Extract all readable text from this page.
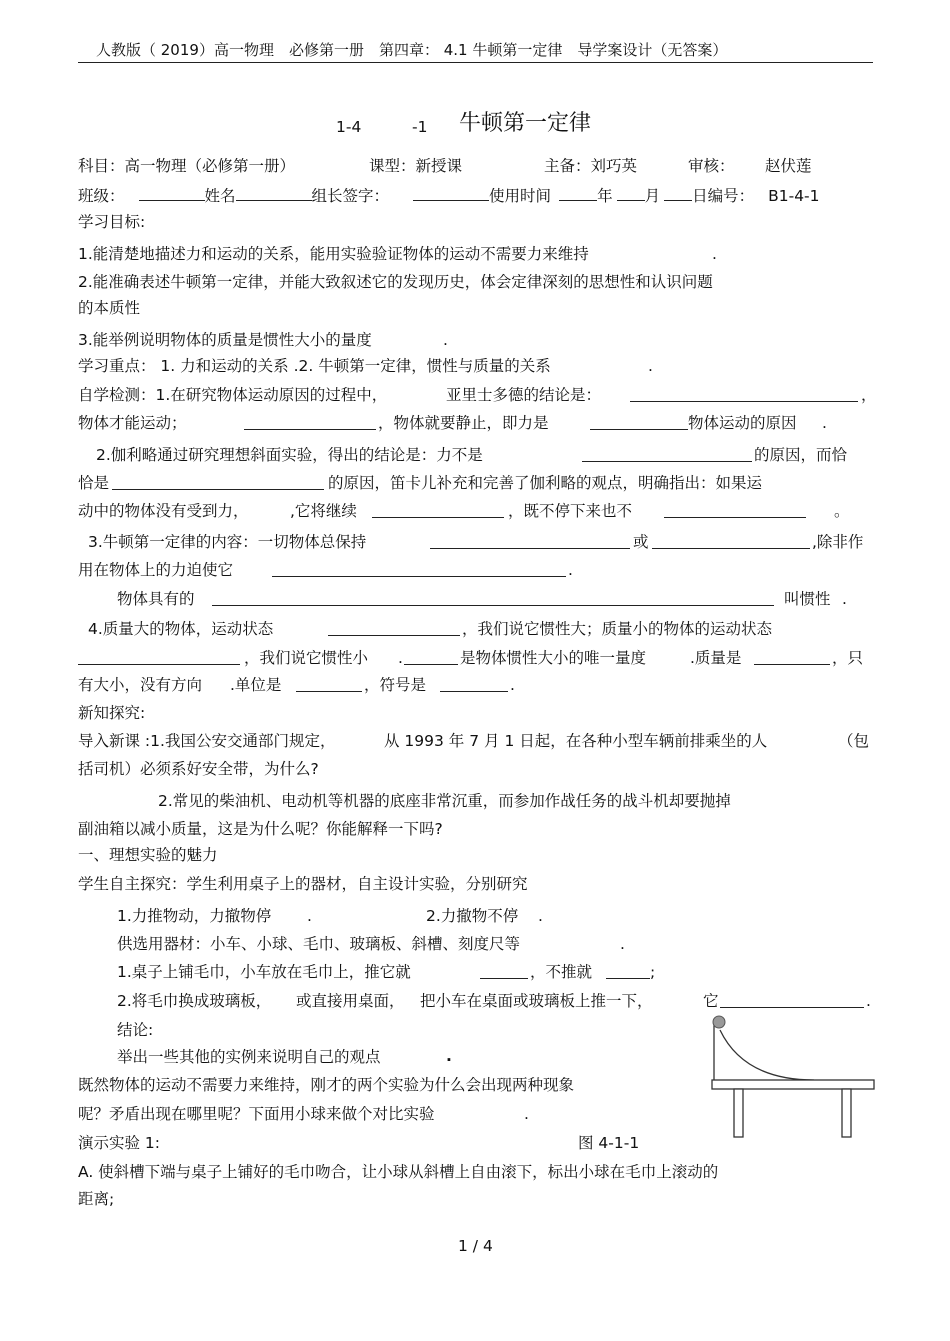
人教版（ 2019）高一物理　必修第一册　第四章： 4.1 牛顿第一定律　导学案设计（无答案）
1-4	-1 牛顿第一定律
科目：高一物理（必修第一册）	课型：新授课	主备：刘巧英	审核： 赵伏莲
班级：	姓名	组长签字：	使用时间	年 月 日编号： B1-4-1
学习目标:
1.能清楚地描述力和运动的关系，能用实验验证物体的运动不需要力来维持	.
2.能准确表述牛顿第一定律，并能大致叙述它的发现历史，体会定律深刻的思想性和认识问题
的本质性
3.能举例说明物体的质量是惯性大小的量度	.
学习重点： 1. 力和运动的关系 .2. 牛顿第一定律，惯性与质量的关系	.
自学检测：1.在研究物体运动原因的过程中，	亚里士多德的结论是：	，
物体才能运动；	，物体就要静止，即力是	物体运动的原因 .
2.伽利略通过研究理想斜面实验，得出的结论是：力不是	的原因，而恰
恰是	的原因，笛卡儿补充和完善了伽利略的观点，明确指出：如果运
动中的物体没有受到力，	,它将继续	，既不停下来也不	。
3.牛顿第一定律的内容：一切物体总保持	或	,除非作
用在物体上的力迫使它	.
物体具有的	叫惯性 .
4.质量大的物体，运动状态	，我们说它惯性大；质量小的物体的运动状态
，我们说它惯性小 .	是物体惯性大小的唯一量度	.质量是	，只
有大小，没有方向 .单位是	，符号是	.
新知探究:
导入新课 :1.我国公安交通部门规定，	从 1993 年 7 月 1 日起，在各种小型车辆前排乘坐的人	（包
括司机）必须系好安全带，为什么?
2.常见的柴油机、电动机等机器的底座非常沉重，而参加作战任务的战斗机却要抛掉
副油箱以减小质量，这是为什么呢？你能解释一下吗?
一、理想实验的魅力
学生自主探究：学生利用桌子上的器材，自主设计实验，分别研究
1.力推物动，力撤物停 .	2.力撤物不停 .
供选用器材：小车、小球、毛巾、玻璃板、斜槽、刻度尺等	.
1.桌子上铺毛巾，小车放在毛巾上，推它就	，不推就	;
2.将毛巾换成玻璃板， 或直接用桌面， 把小车在桌面或玻璃板上推一下，	它	.
结论:
举出一些其他的实例来说明自己的观点	.
既然物体的运动不需要力来维持，刚才的两个实验为什么会出现两种现象
呢？矛盾出现在哪里呢？下面用小球来做个对比实验	.
演示实验 1:	图 4-1-1
A. 使斜槽下端与桌子上铺好的毛巾吻合，让小球从斜槽上自由滚下，标出小球在毛巾上滚动的
距离;
1 / 4
